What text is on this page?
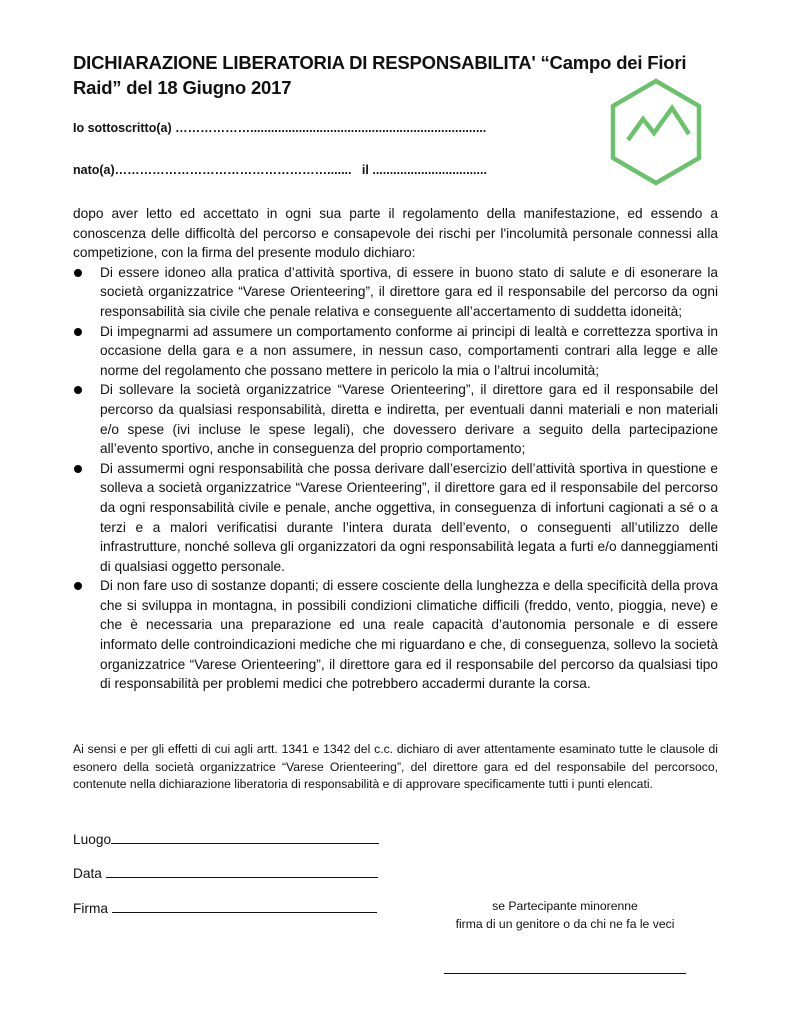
DICHIARAZIONE LIBERATORIA DI RESPONSABILITA' “Campo dei Fiori Raid” del 18 Giugno 2017
Io sottoscritto(a) ………………....................................................................
nato(a)……………………………………………....... il .................................

dopo aver letto ed accettato in ogni sua parte il regolamento della manifestazione, ed essendo a conoscenza delle difficoltà del percorso e consapevole dei rischi per l'incolumità personale connessi alla competizione, con la firma del presente modulo dichiaro:

Di essere idoneo alla pratica d’attività sportiva, di essere in buono stato di salute e di esonerare la società organizzatrice “Varese Orienteering”, il direttore gara ed il responsabile del percorso da ogni responsabilità sia civile che penale relativa e conseguente all’accertamento di suddetta idoneità;
Di impegnarmi ad assumere un comportamento conforme ai principi di lealtà e correttezza sportiva in occasione della gara e a non assumere, in nessun caso, comportamenti contrari alla legge e alle norme del regolamento che possano mettere in pericolo la mia o l’altrui incolumità;
Di sollevare la società organizzatrice “Varese Orienteering”, il direttore gara ed il responsabile del percorso da qualsiasi responsabilità, diretta e indiretta, per eventuali danni materiali e non materiali e/o spese (ivi incluse le spese legali), che dovessero derivare a seguito della partecipazione all’evento sportivo, anche in conseguenza del proprio comportamento;
Di assumermi ogni responsabilità che possa derivare dall’esercizio dell’attività sportiva in questione e solleva a società organizzatrice “Varese Orienteering”, il direttore gara ed il responsabile del percorso da ogni responsabilità civile e penale, anche oggettiva, in conseguenza di infortuni cagionati a sé o a terzi e a malori verificatisi durante l’intera durata dell’evento, o conseguenti all’utilizzo delle infrastrutture, nonché solleva gli organizzatori da ogni responsabilità legata a furti e/o danneggiamenti di qualsiasi oggetto personale.
Di non fare uso di sostanze dopanti; di essere cosciente della lunghezza e della specificità della prova che si sviluppa in montagna, in possibili condizioni climatiche difficili (freddo, vento, pioggia, neve) e che è necessaria una preparazione ed una reale capacità d’autonomia personale e di essere informato delle controindicazioni mediche che mi riguardano e che, di conseguenza, sollevo la società organizzatrice “Varese Orienteering”, il direttore gara ed il responsabile del percorso da qualsiasi tipo di responsabilità per problemi medici che potrebbero accadermi durante la corsa.
Ai sensi e per gli effetti di cui agli artt. 1341 e 1342 del c.c. dichiaro di aver attentamente esaminato tutte le clausole di esonero della società organizzatrice “Varese Orienteering”, del direttore gara ed del responsabile del percorsoco, contenute nella dichiarazione liberatoria di responsabilità e di approvare specificamente tutti i punti elencati.
Luogo
Data
Firma	se Partecipante minorenne
firma di un genitore o da chi ne fa le veci
